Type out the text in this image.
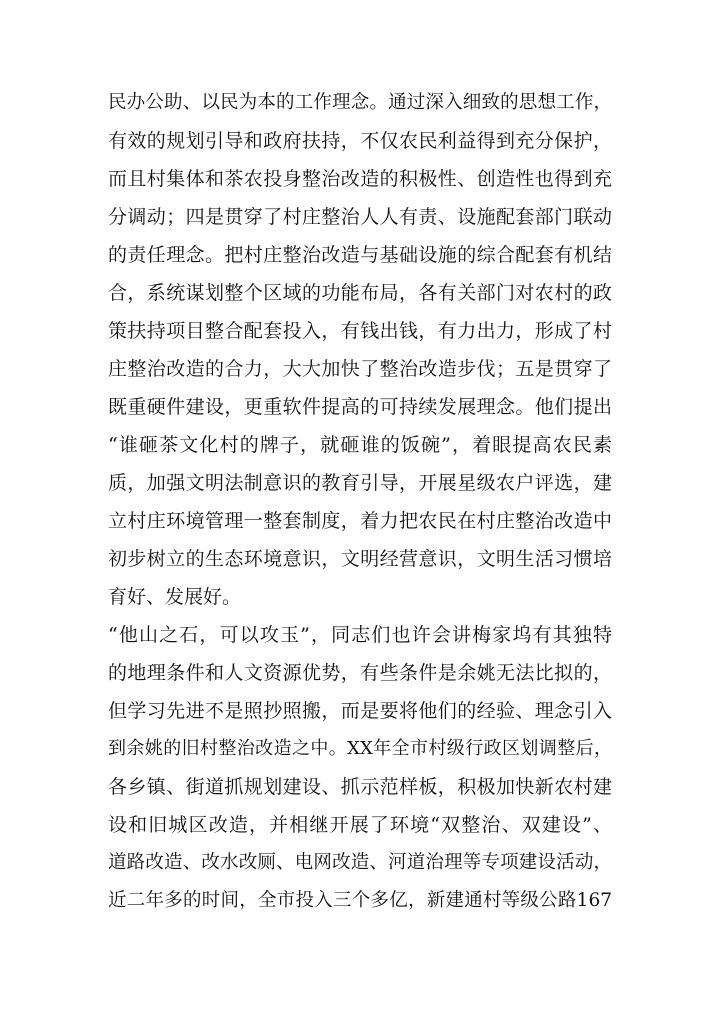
民办公助、以民为本的工作理念。通过深入细致的思想工作，
有效的规划引导和政府扶持，不仅农民利益得到充分保护，
而且村集体和茶农投身整治改造的积极性、创造性也得到充
分调动；四是贯穿了村庄整治人人有责、设施配套部门联动
的责任理念。把村庄整治改造与基础设施的综合配套有机结
合，系统谋划整个区域的功能布局，各有关部门对农村的政
策扶持项目整合配套投入，有钱出钱，有力出力，形成了村
庄整治改造的合力，大大加快了整治改造步伐；五是贯穿了
既重硬件建设，更重软件提高的可持续发展理念。他们提出
“谁砸茶文化村的牌子，就砸谁的饭碗”，着眼提高农民素
质，加强文明法制意识的教育引导，开展星级农户评选，建
立村庄环境管理一整套制度，着力把农民在村庄整治改造中
初步树立的生态环境意识，文明经营意识，文明生活习惯培
育好、发展好。
“他山之石，可以攻玉”，同志们也许会讲梅家坞有其独特
的地理条件和人文资源优势，有些条件是余姚无法比拟的，
但学习先进不是照抄照搬，而是要将他们的经验、理念引入
到余姚的旧村整治改造之中。XX年全市村级行政区划调整后，
各乡镇、街道抓规划建设、抓示范样板，积极加快新农村建
设和旧城区改造，并相继开展了环境“双整治、双建设”、
道路改造、改水改厕、电网改造、河道治理等专项建设活动，
近二年多的时间，全市投入三个多亿，新建通村等级公路167
